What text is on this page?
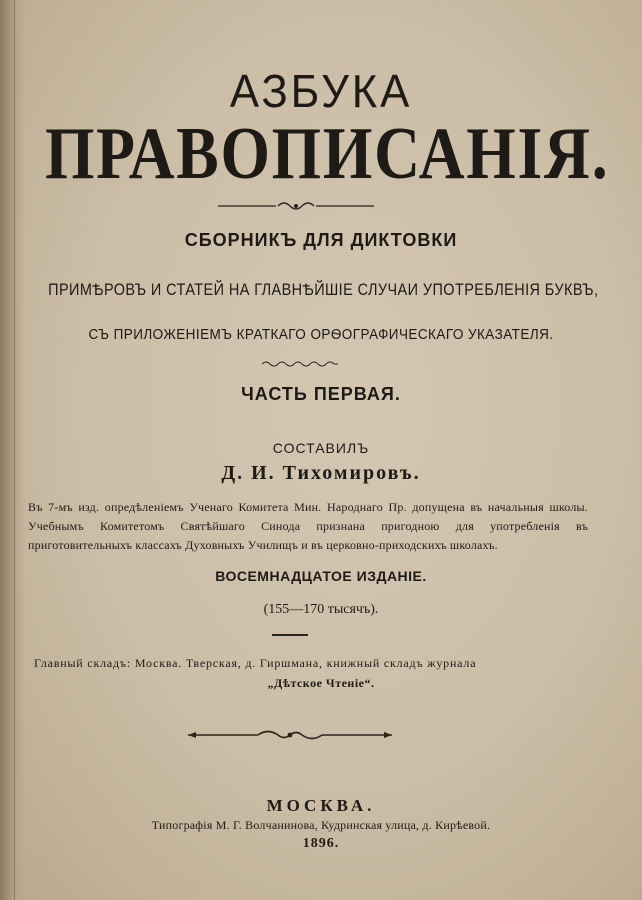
АЗБУКА
ПРАВОПИСАНІЯ.
СБОРНИКЪ ДЛЯ ДИКТОВКИ
ПРИМѢРОВЪ И СТАТЕЙ НА ГЛАВНѢЙШІЕ СЛУЧАИ УПОТРЕБЛЕНІЯ БУКВЪ,
СЪ ПРИЛОЖЕНІЕМЪ КРАТКАГО ОРѲОГРАФИЧЕСКАГО УКАЗАТЕЛЯ.
ЧАСТЬ ПЕРВАЯ.
СОСТАВИЛЪ
Д. И. Тихомировъ.
Въ 7-мъ изд. опредѣленіемъ Ученаго Комитета Мин. Народнаго Пр. допущена въ начальныя школы. Учебнымъ Комитетомъ Святѣйшаго Синода признана пригодною для употребленія въ приготовительныхъ классахъ Духовныхъ Училищъ и въ церковно-приходскихъ школахъ.
ВОСЕМНАДЦАТОЕ ИЗДАНІЕ.
(155—170 тысячъ).
Главный складъ: Москва. Тверская, д. Гиршмана, книжный складъ журнала
„Дѣтское Чтеніе“.
МОСКВА.
Типографія М. Г. Волчанинова, Кудринская улица, д. Кирѣевой.
1896.
